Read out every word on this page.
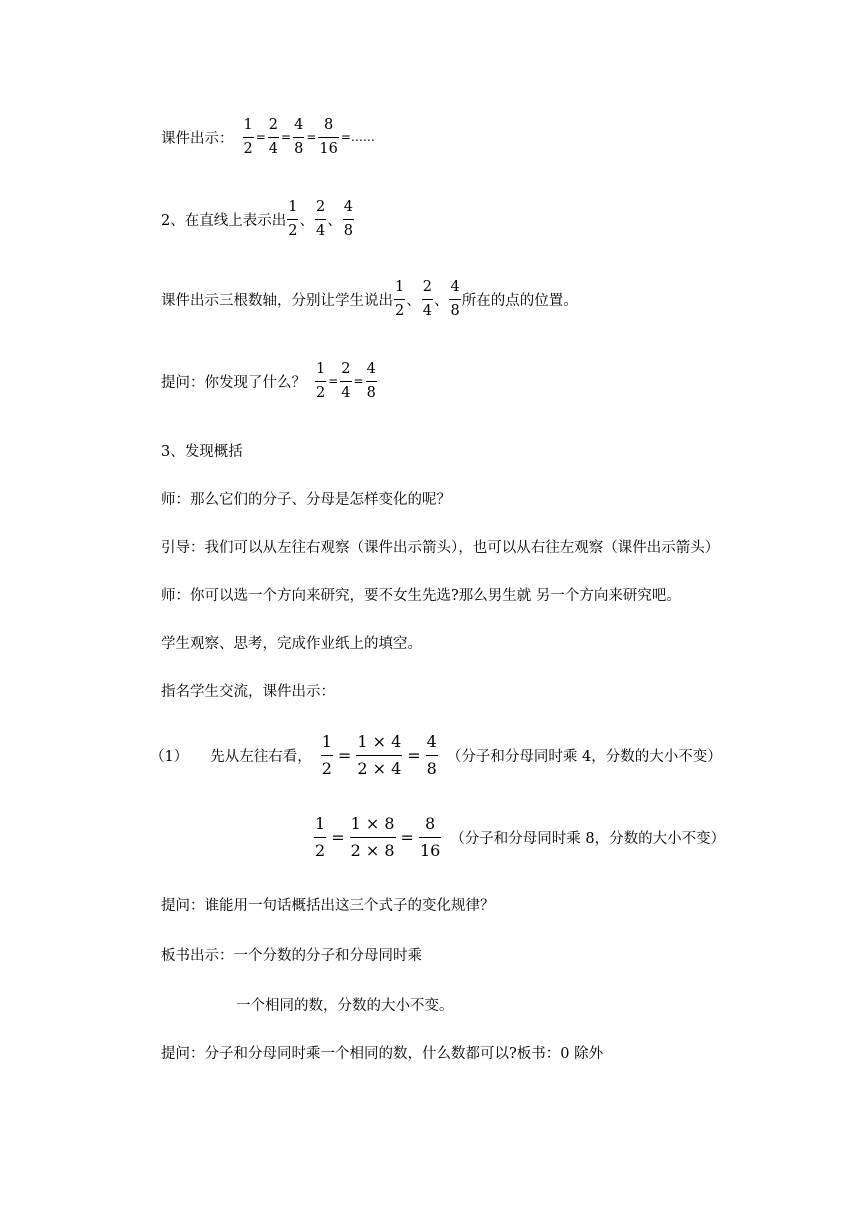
课件出示： $\frac{1}{2} = \frac{2}{4} = \frac{4}{8} = \frac{8}{16}$ =……
2、在直线上表示出 $\frac{1}{2}$ 、 $\frac{2}{4}$ 、 $\frac{4}{8}$
课件出示三根数轴，分别让学生说出 $\frac{1}{2}$ 、 $\frac{2}{4}$ 、 $\frac{4}{8}$ 所在的点的位置。
提问：你发现了什么？ $\frac{1}{2} = \frac{2}{4} = \frac{4}{8}$
3、发现概括
师：那么它们的分子、分母是怎样变化的呢？
引导：我们可以从左往右观察（课件出示箭头），也可以从右往左观察（课件出示箭头）
师：你可以选一个方向来研究，要不女生先选?那么男生就 另一个方向来研究吧。
学生观察、思考，完成作业纸上的填空。
指名学生交流，课件出示：
（1） 先从左往右看， $\frac{1}{2} = \frac{1 \times 4}{2 \times 4} = \frac{4}{8}$ （分子和分母同时乘 4，分数的大小不变）
$\frac{1}{2} = \frac{1 \times 8}{2 \times 8} = \frac{8}{16}$ （分子和分母同时乘 8，分数的大小不变）
提问：谁能用一句话概括出这三个式子的变化规律？
板书出示：一个分数的分子和分母同时乘
一个相同的数，分数的大小不变。
提问：分子和分母同时乘一个相同的数，什么数都可以?板书：0 除外
